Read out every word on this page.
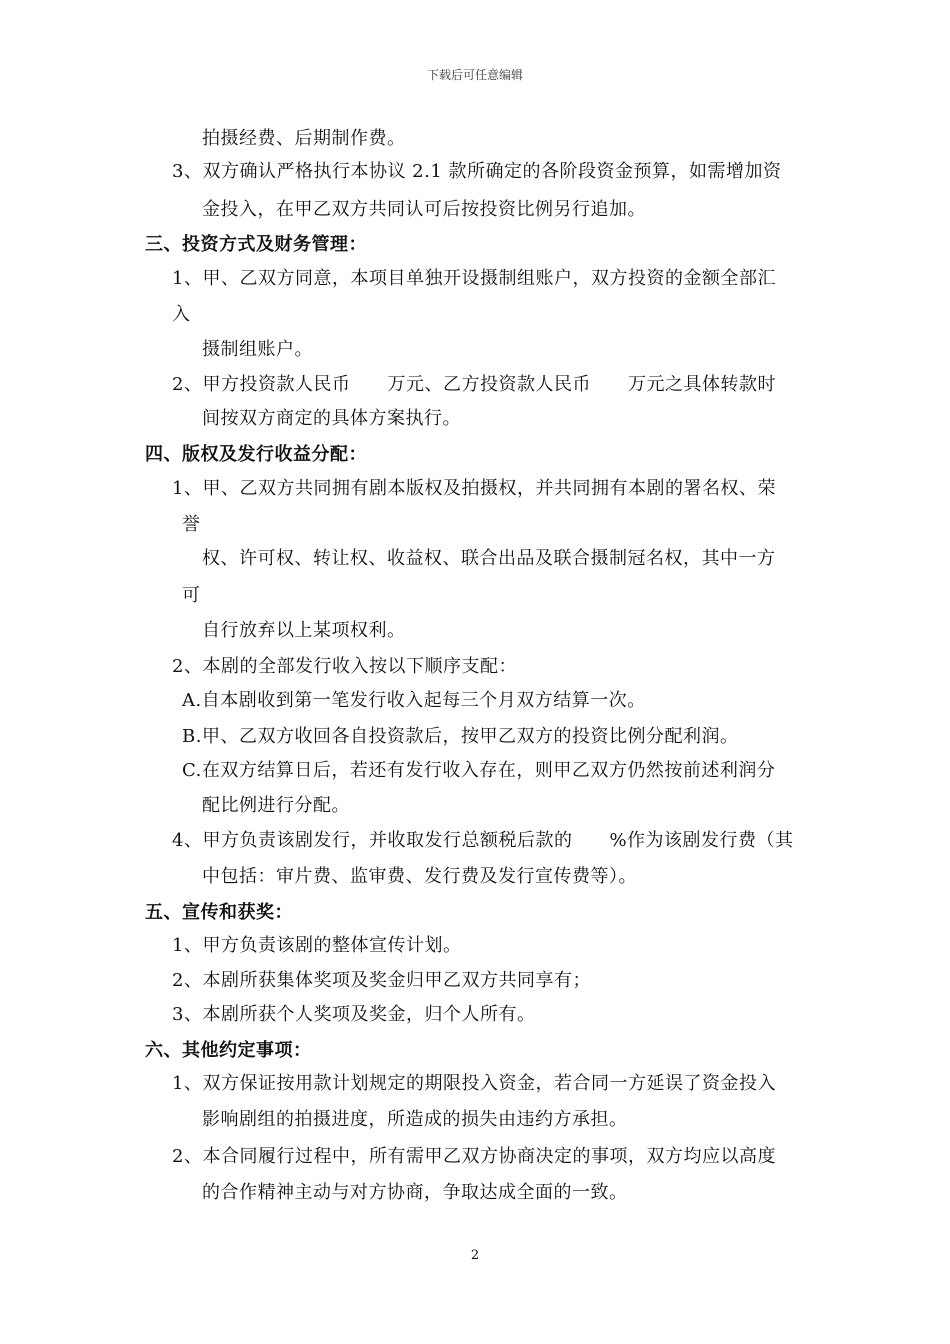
下载后可任意编辑
拍摄经费、后期制作费。
3、双方确认严格执行本协议 2.1 款所确定的各阶段资金预算，如需增加资
金投入，在甲乙双方共同认可后按投资比例另行追加。
三、投资方式及财务管理：
1、甲、乙双方同意，本项目单独开设摄制组账户，双方投资的金额全部汇
入
摄制组账户。
2、甲方投资款人民币　　万元、乙方投资款人民币　　万元之具体转款时
间按双方商定的具体方案执行。
四、版权及发行收益分配：
1、甲、乙双方共同拥有剧本版权及拍摄权，并共同拥有本剧的署名权、荣
誉
权、许可权、转让权、收益权、联合出品及联合摄制冠名权，其中一方
可
自行放弃以上某项权利。
2、本剧的全部发行收入按以下顺序支配：
A.自本剧收到第一笔发行收入起每三个月双方结算一次。
B.甲、乙双方收回各自投资款后，按甲乙双方的投资比例分配利润。
C.在双方结算日后，若还有发行收入存在，则甲乙双方仍然按前述利润分
配比例进行分配。
4、甲方负责该剧发行，并收取发行总额税后款的　　%作为该剧发行费（其
中包括：审片费、监审费、发行费及发行宣传费等）。
五、宣传和获奖：
1、甲方负责该剧的整体宣传计划。
2、本剧所获集体奖项及奖金归甲乙双方共同享有；
3、本剧所获个人奖项及奖金，归个人所有。
六、其他约定事项：
1、双方保证按用款计划规定的期限投入资金，若合同一方延误了资金投入
影响剧组的拍摄进度，所造成的损失由违约方承担。
2、本合同履行过程中，所有需甲乙双方协商决定的事项，双方均应以高度
的合作精神主动与对方协商，争取达成全面的一致。
2
